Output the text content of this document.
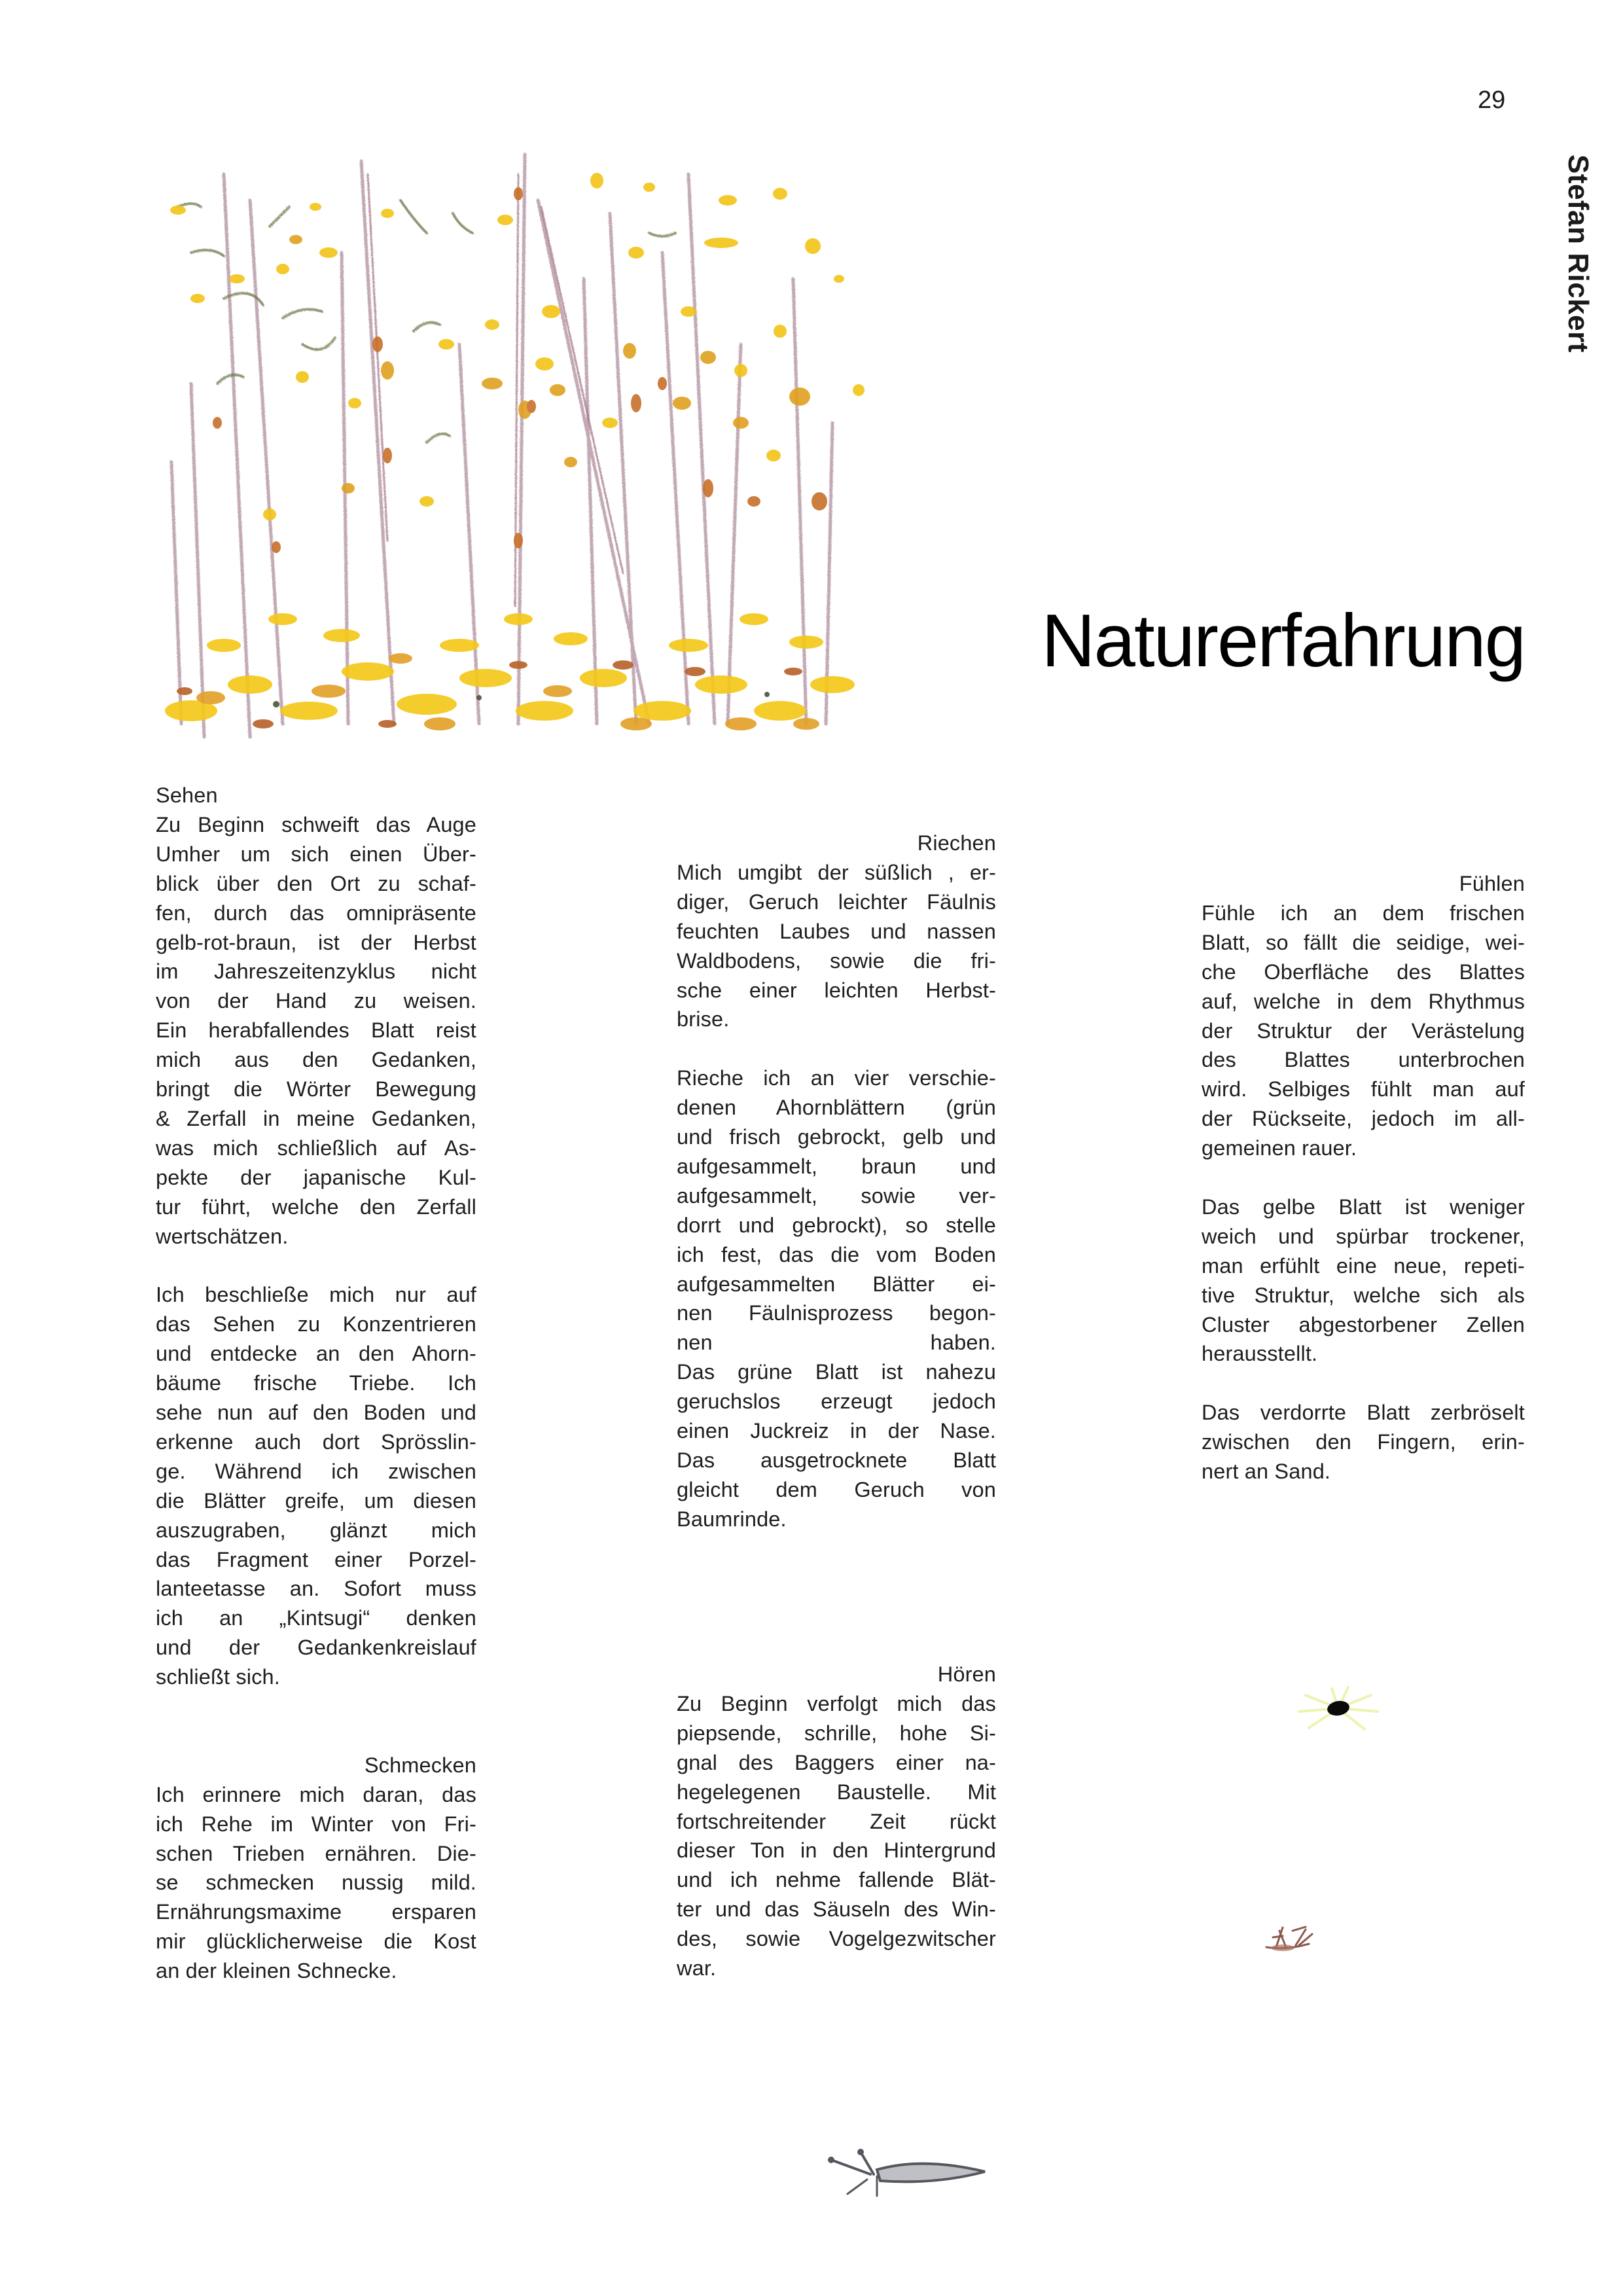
29
Stefan Rickert
Naturerfahrung
Sehen
Zu Beginn schweift das Auge
Umher um sich einen Über-
blick über den Ort zu schaf-
fen, durch das omnipräsente
gelb-rot-braun, ist der Herbst
im Jahreszeitenzyklus nicht
von der Hand zu weisen.
Ein herabfallendes Blatt reist
mich aus den Gedanken,
bringt die Wörter Bewegung
& Zerfall in meine Gedanken,
was mich schließlich auf As-
pekte der japanische Kul-
tur führt, welche den Zerfall
wertschätzen.
Ich beschließe mich nur auf
das Sehen zu Konzentrieren
und entdecke an den Ahorn-
bäume frische Triebe. Ich
sehe nun auf den Boden und
erkenne auch dort Sprösslin-
ge. Während ich zwischen
die Blätter greife, um diesen
auszugraben, glänzt mich
das Fragment einer Porzel-
lanteetasse an. Sofort muss
ich an „Kintsugi“ denken
und der Gedankenkreislauf
schließt sich.
Schmecken
Ich erinnere mich daran, das
ich Rehe im Winter von Fri-
schen Trieben ernähren. Die-
se schmecken nussig mild.
Ernährungsmaxime ersparen
mir glücklicherweise die Kost
an der kleinen Schnecke.
Riechen
Mich umgibt der süßlich , er-
diger, Geruch leichter Fäulnis
feuchten Laubes und nassen
Waldbodens, sowie die fri-
sche einer leichten Herbst-
brise.
Rieche ich an vier verschie-
denen Ahornblättern (grün
und frisch gebrockt, gelb und
aufgesammelt, braun und
aufgesammelt, sowie ver-
dorrt und gebrockt), so stelle
ich fest, das die vom Boden
aufgesammelten Blätter ei-
nen Fäulnisprozess begon-
nen haben.
Das grüne Blatt ist nahezu
geruchslos erzeugt jedoch
einen Juckreiz in der Nase.
Das ausgetrocknete Blatt
gleicht dem Geruch von
Baumrinde.
Hören
Zu Beginn verfolgt mich das
piepsende, schrille, hohe Si-
gnal des Baggers einer na-
hegelegenen Baustelle. Mit
fortschreitender Zeit rückt
dieser Ton in den Hintergrund
und ich nehme fallende Blät-
ter und das Säuseln des Win-
des, sowie Vogelgezwitscher
war.
Fühlen
Fühle ich an dem frischen
Blatt, so fällt die seidige, wei-
che Oberfläche des Blattes
auf, welche in dem Rhythmus
der Struktur der Verästelung
des Blattes unterbrochen
wird. Selbiges fühlt man auf
der Rückseite, jedoch im all-
gemeinen rauer.
Das gelbe Blatt ist weniger
weich und spürbar trockener,
man erfühlt eine neue, repeti-
tive Struktur, welche sich als
Cluster abgestorbener Zellen
herausstellt.
Das verdorrte Blatt zerbröselt
zwischen den Fingern, erin-
nert an Sand.
